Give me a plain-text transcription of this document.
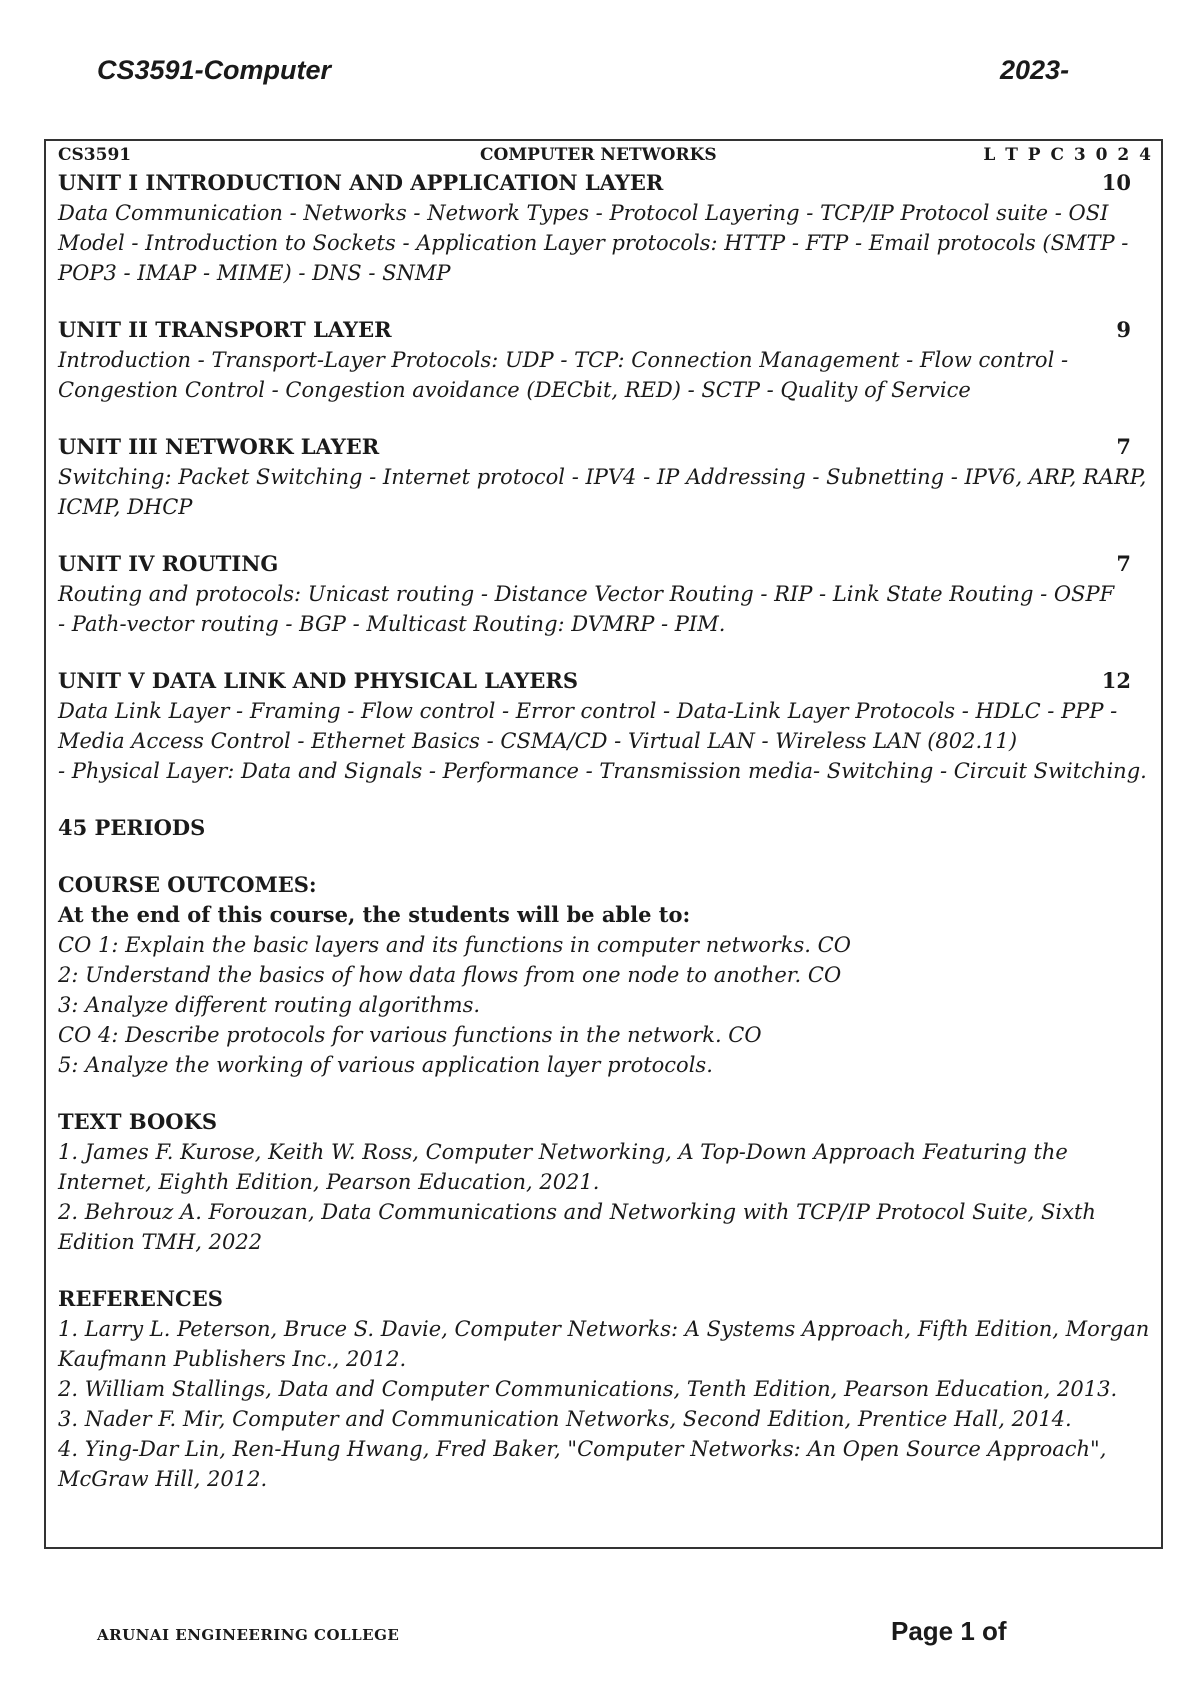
CS3591-Computer	2023-
CS3591	COMPUTER NETWORKS	L T P C 3 0 2 4
UNIT I INTRODUCTION AND APPLICATION LAYER	10

Data Communication - Networks - Network Types - Protocol Layering - TCP/IP Protocol suite - OSI

Model - Introduction to Sockets - Application Layer protocols: HTTP - FTP - Email protocols (SMTP -

POP3 - IMAP - MIME) - DNS - SNMP

UNIT II TRANSPORT LAYER	9

Introduction - Transport-Layer Protocols: UDP - TCP: Connection Management - Flow control -

Congestion Control - Congestion avoidance (DECbit, RED) - SCTP - Quality of Service

UNIT III NETWORK LAYER	7

Switching: Packet Switching - Internet protocol - IPV4 - IP Addressing - Subnetting - IPV6, ARP, RARP,

ICMP, DHCP

UNIT IV ROUTING	7

Routing and protocols: Unicast routing - Distance Vector Routing - RIP - Link State Routing - OSPF

- Path-vector routing - BGP - Multicast Routing: DVMRP - PIM.

UNIT V DATA LINK AND PHYSICAL LAYERS	12

Data Link Layer - Framing - Flow control - Error control - Data-Link Layer Protocols - HDLC - PPP -

Media Access Control - Ethernet Basics - CSMA/CD - Virtual LAN - Wireless LAN (802.11)

- Physical Layer: Data and Signals - Performance - Transmission media- Switching - Circuit Switching.

45 PERIODS

COURSE OUTCOMES:

At the end of this course, the students will be able to:

CO 1: Explain the basic layers and its functions in computer networks. CO

2: Understand the basics of how data flows from one node to another. CO

3: Analyze different routing algorithms.

CO 4: Describe protocols for various functions in the network. CO

5: Analyze the working of various application layer protocols.

TEXT BOOKS

1. James F. Kurose, Keith W. Ross, Computer Networking, A Top-Down Approach Featuring the

Internet, Eighth Edition, Pearson Education, 2021.

2. Behrouz A. Forouzan, Data Communications and Networking with TCP/IP Protocol Suite, Sixth

Edition TMH, 2022

REFERENCES

1. Larry L. Peterson, Bruce S. Davie, Computer Networks: A Systems Approach, Fifth Edition, Morgan

Kaufmann Publishers Inc., 2012.

2. William Stallings, Data and Computer Communications, Tenth Edition, Pearson Education, 2013.

3. Nader F. Mir, Computer and Communication Networks, Second Edition, Prentice Hall, 2014.

4. Ying-Dar Lin, Ren-Hung Hwang, Fred Baker, "Computer Networks: An Open Source Approach",

McGraw Hill, 2012.

ARUNAI ENGINEERING COLLEGE	Page 1 of
